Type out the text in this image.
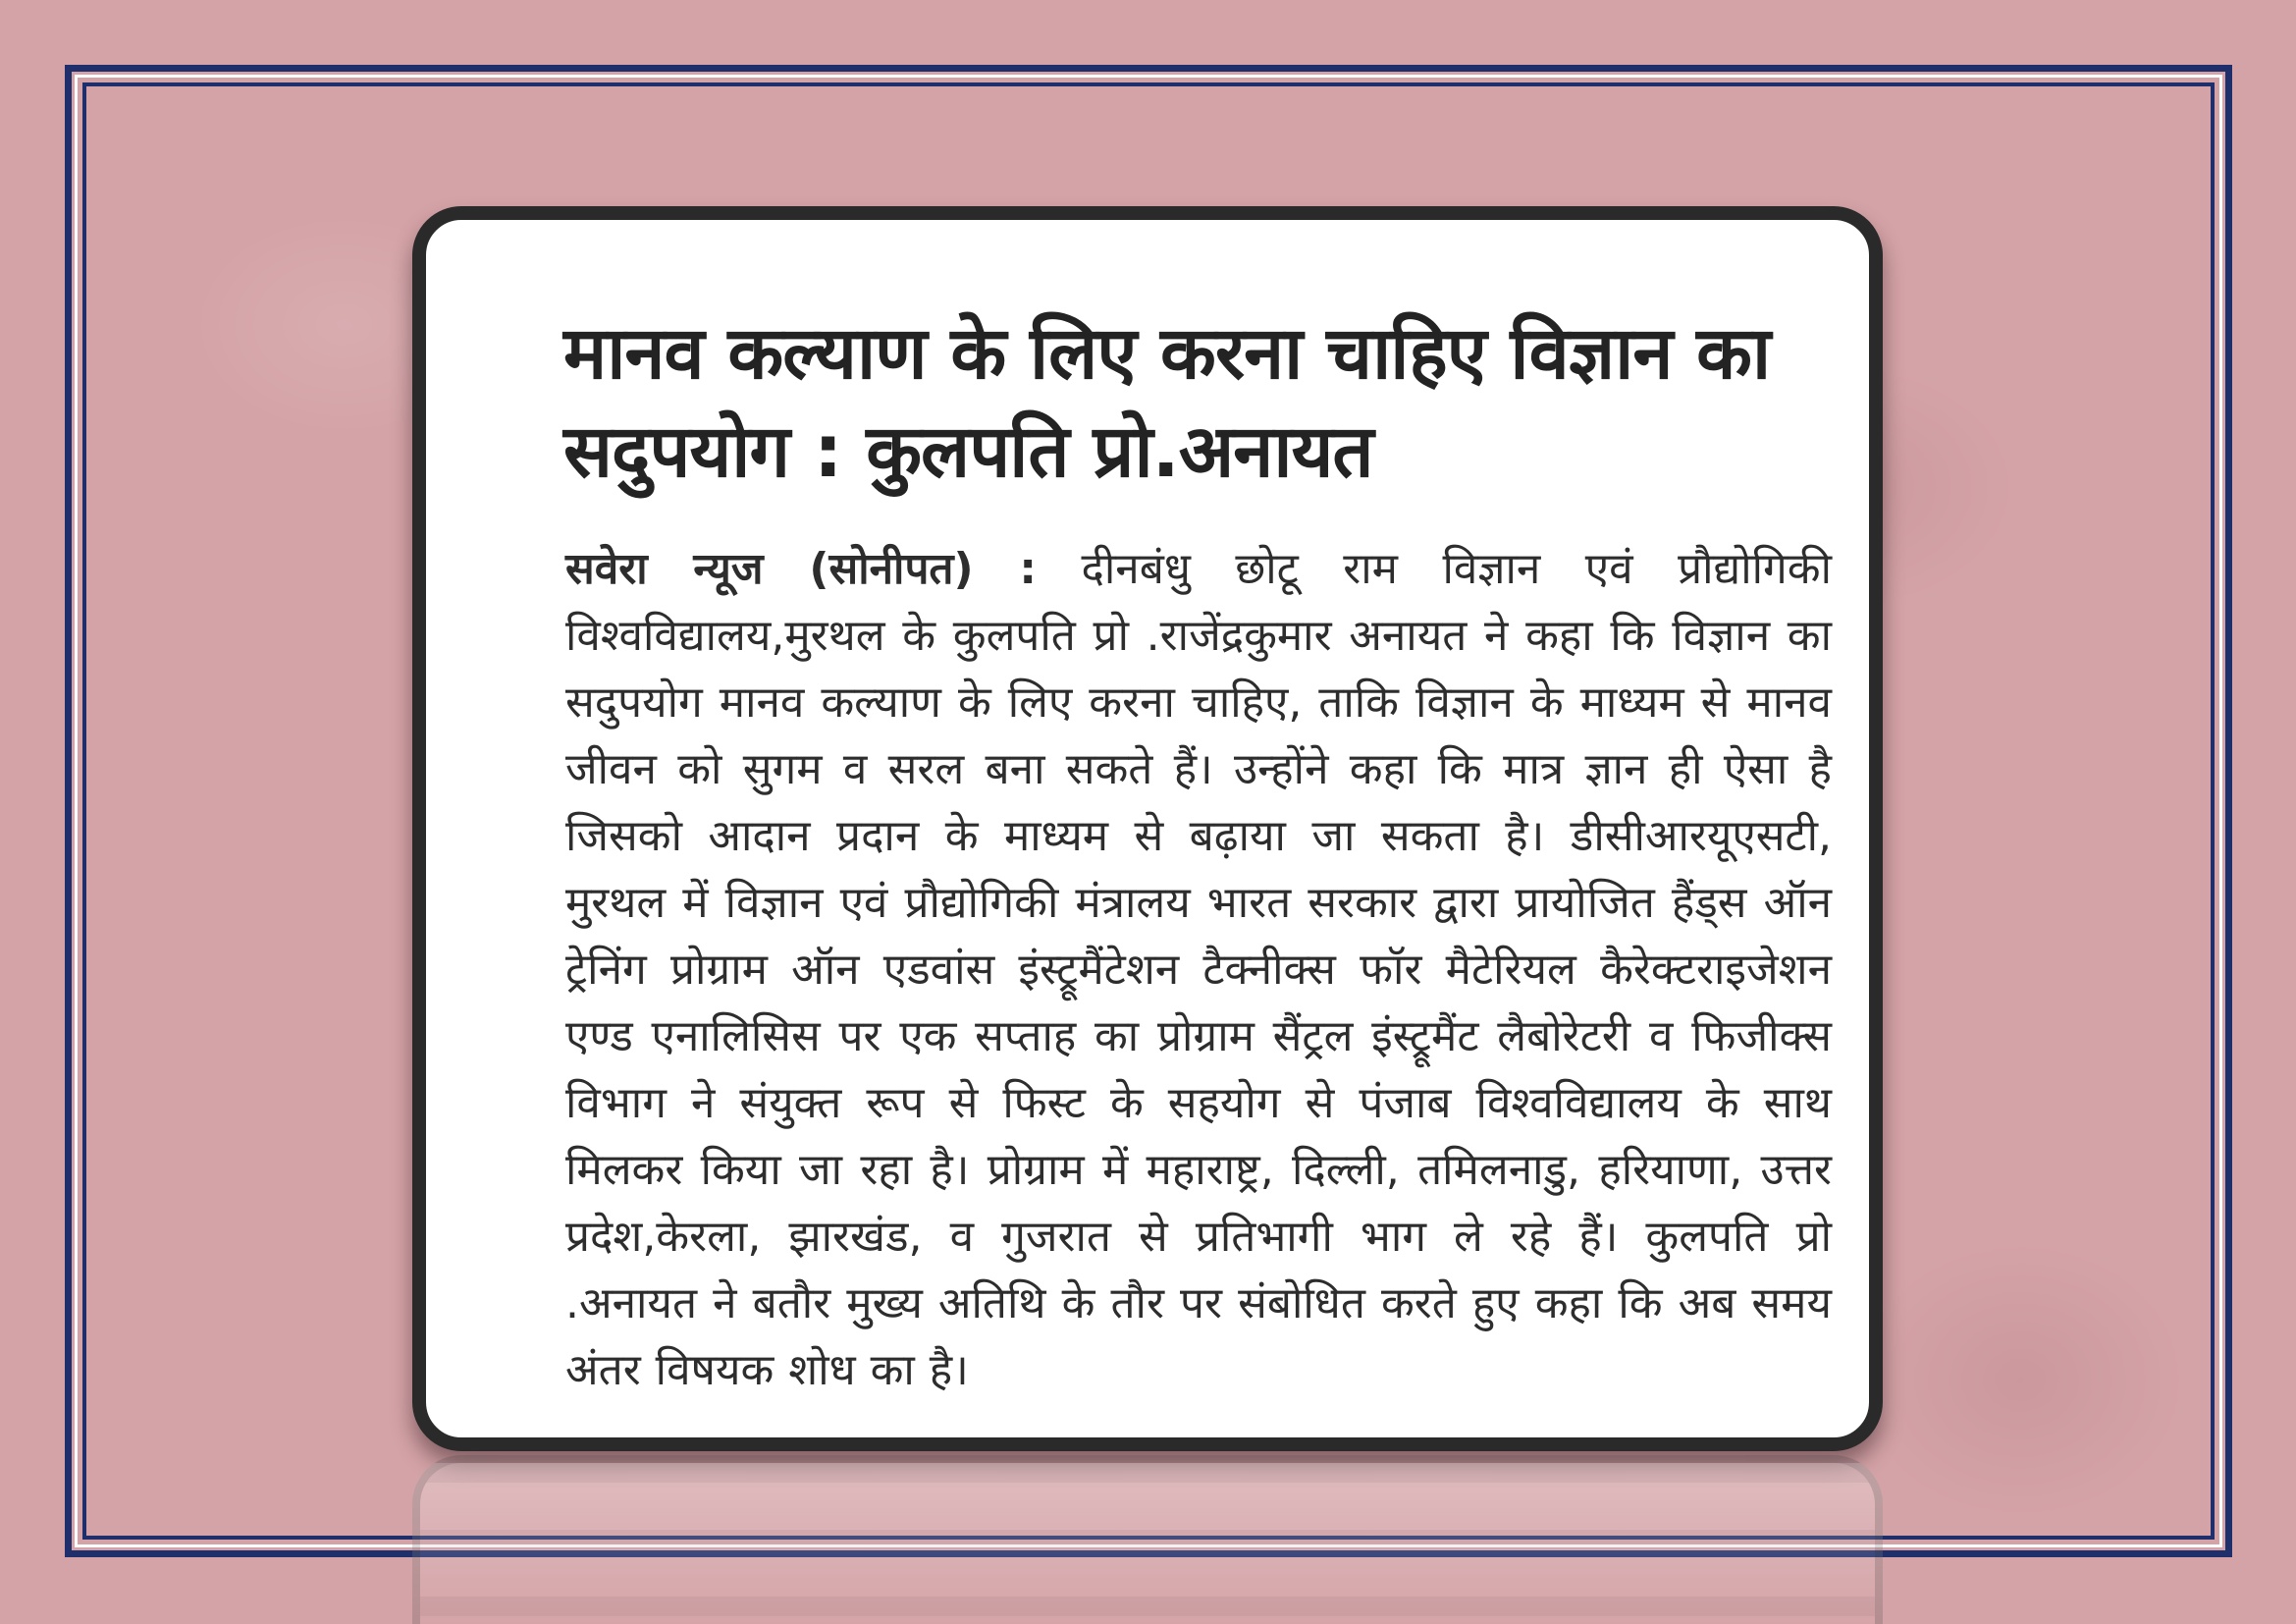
मानव कल्याण के लिए करना चाहिए विज्ञान का सदुपयोग : कुलपति प्रो.अनायत

सवेरा न्यूज (सोनीपत) : दीनबंधु छोटू राम विज्ञान एवं प्रौद्योगिकी विश्वविद्यालय,मुरथल के कुलपति प्रो .राजेंद्रकुमार अनायत ने कहा कि विज्ञान का सदुपयोग मानव कल्याण के लिए करना चाहिए, ताकि विज्ञान के माध्यम से मानव जीवन को सुगम व सरल बना सकते हैं। उन्होंने कहा कि मात्र ज्ञान ही ऐसा है जिसको आदान प्रदान के माध्यम से बढ़ाया जा सकता है। डीसीआरयूएसटी, मुरथल में विज्ञान एवं प्रौद्योगिकी मंत्रालय भारत सरकार द्वारा प्रायोजित हैंड्स ऑन ट्रेनिंग प्रोग्राम ऑन एडवांस इंस्ट्रूमैंटेशन टैक्नीक्स फॉर मैटेरियल कैरेक्टराइजेशन एण्ड एनालिसिस पर एक सप्ताह का प्रोग्राम सैंट्रल इंस्ट्रूमैंट लैबोरेटरी व फिजीक्स विभाग ने संयुक्त रूप से फिस्ट के सहयोग से पंजाब विश्वविद्यालय के साथ मिलकर किया जा रहा है। प्रोग्राम में महाराष्ट्र, दिल्ली, तमिलनाडु, हरियाणा, उत्तर प्रदेश,केरला, झारखंड, व गुजरात से प्रतिभागी भाग ले रहे हैं। कुलपति प्रो .अनायत ने बतौर मुख्य अतिथि के तौर पर संबोधित करते हुए कहा कि अब समय अंतर विषयक शोध का है।
